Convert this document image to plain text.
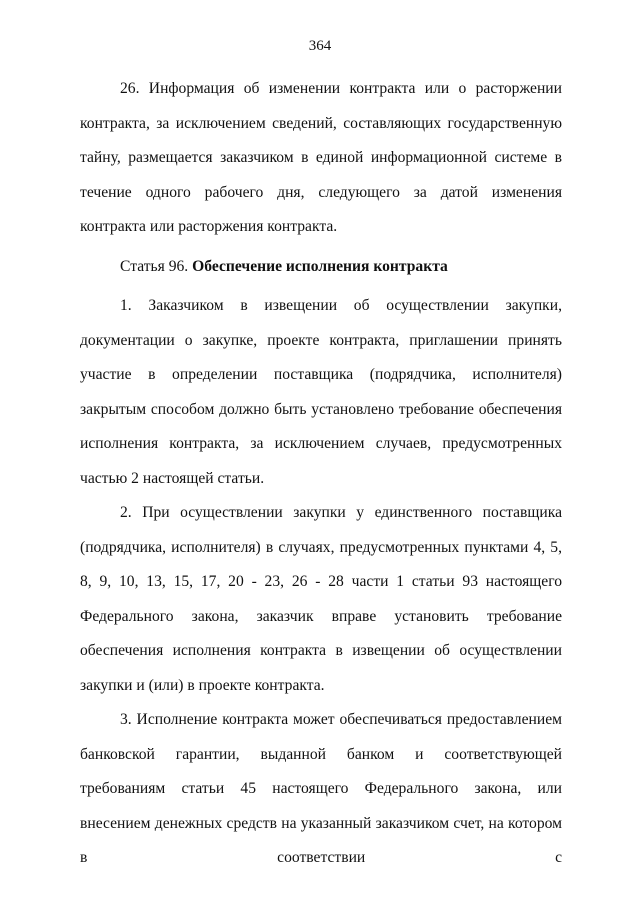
364

26. Информация об изменении контракта или о расторжении контракта, за исключением сведений, составляющих государственную тайну, размещается заказчиком в единой информационной системе в течение одного рабочего дня, следующего за датой изменения контракта или расторжения контракта.

Статья 96. Обеспечение исполнения контракта

1. Заказчиком в извещении об осуществлении закупки, документации о закупке, проекте контракта, приглашении принять участие в определении поставщика (подрядчика, исполнителя) закрытым способом должно быть установлено требование обеспечения исполнения контракта, за исключением случаев, предусмотренных частью 2 настоящей статьи.

2. При осуществлении закупки у единственного поставщика (подрядчика, исполнителя) в случаях, предусмотренных пунктами 4, 5, 8, 9, 10, 13, 15, 17, 20 - 23, 26 - 28 части 1 статьи 93 настоящего Федерального закона, заказчик вправе установить требование обеспечения исполнения контракта в извещении об осуществлении закупки и (или) в проекте контракта.

3. Исполнение контракта может обеспечиваться предоставлением банковской гарантии, выданной банком и соответствующей требованиям статьи 45 настоящего Федерального закона, или внесением денежных средств на указанный заказчиком счет, на котором в соответствии с
